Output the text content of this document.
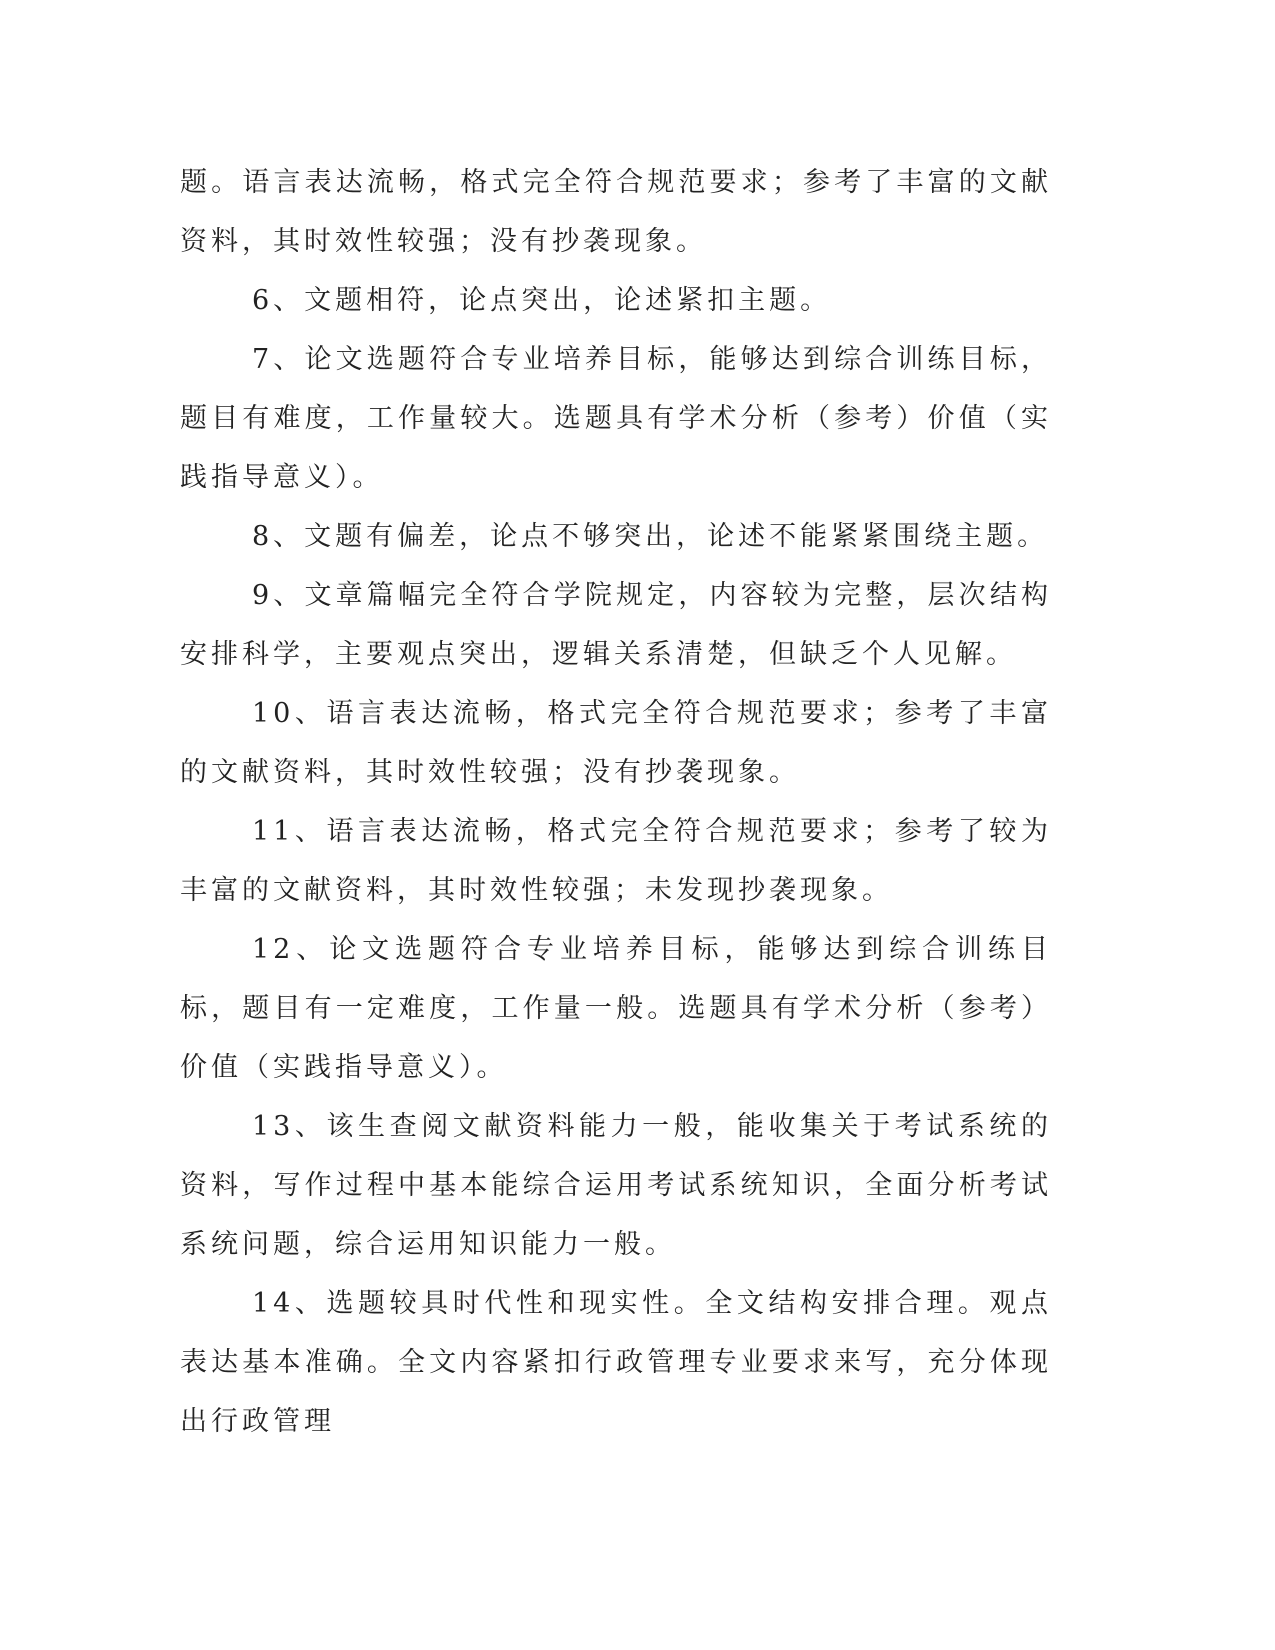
题。语言表达流畅，格式完全符合规范要求；参考了丰富的文献资料，其时效性较强；没有抄袭现象。

6、文题相符，论点突出，论述紧扣主题。

7、论文选题符合专业培养目标，能够达到综合训练目标，题目有难度，工作量较大。选题具有学术分析（参考）价值（实践指导意义）。

8、文题有偏差，论点不够突出，论述不能紧紧围绕主题。

9、文章篇幅完全符合学院规定，内容较为完整，层次结构安排科学，主要观点突出，逻辑关系清楚，但缺乏个人见解。

10、语言表达流畅，格式完全符合规范要求；参考了丰富的文献资料，其时效性较强；没有抄袭现象。

11、语言表达流畅，格式完全符合规范要求；参考了较为丰富的文献资料，其时效性较强；未发现抄袭现象。

12、论文选题符合专业培养目标，能够达到综合训练目标，题目有一定难度，工作量一般。选题具有学术分析（参考）价值（实践指导意义）。

13、该生查阅文献资料能力一般，能收集关于考试系统的资料，写作过程中基本能综合运用考试系统知识，全面分析考试系统问题，综合运用知识能力一般。

14、选题较具时代性和现实性。全文结构安排合理。观点表达基本准确。全文内容紧扣行政管理专业要求来写，充分体现出行政管理
